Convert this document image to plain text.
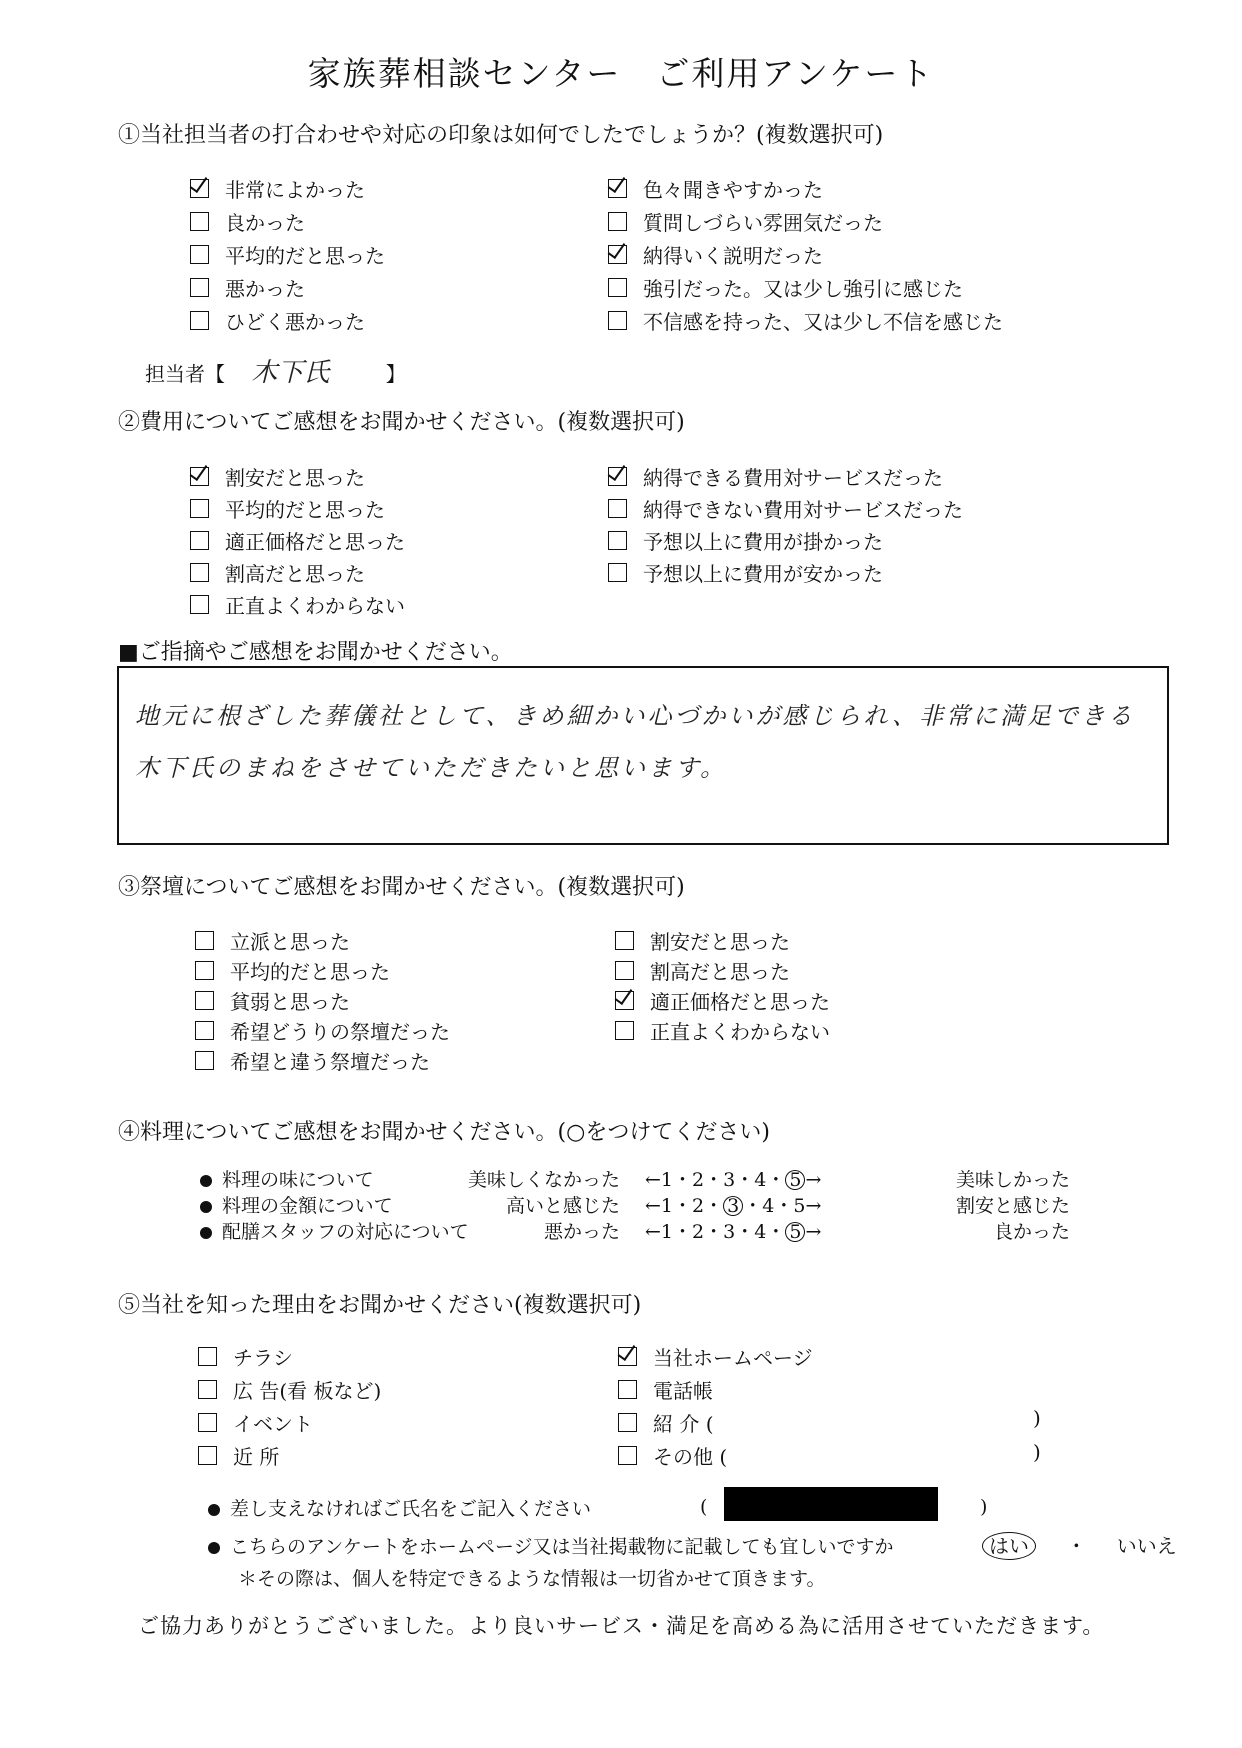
家族葬相談センター　ご利用アンケート
①当社担当者の打合わせや対応の印象は如何でしたでしょうか？(複数選択可)
非常によかった
良かった
平均的だと思った
悪かった
ひどく悪かった
色々聞きやすかった
質問しづらい雰囲気だった
納得いく説明だった
強引だった。又は少し強引に感じた
不信感を持った、又は少し不信を感じた
担当者【 木下氏	】
②費用についてご感想をお聞かせください。(複数選択可)
割安だと思った
平均的だと思った
適正価格だと思った
割高だと思った
正直よくわからない
納得できる費用対サービスだった
納得できない費用対サービスだった
予想以上に費用が掛かった
予想以上に費用が安かった
■ご指摘やご感想をお聞かせください。
地元に根ざした葬儀社として、きめ細かい心づかいが感じられ、非常に満足できる木下氏のまねをさせていただきたいと思います。
③祭壇についてご感想をお聞かせください。(複数選択可)
立派と思った
平均的だと思った
貧弱と思った
希望どうりの祭壇だった
希望と違う祭壇だった
割安だと思った
割高だと思った
適正価格だと思った
正直よくわからない
④料理についてご感想をお聞かせください。(○をつけてください)
料理の味について	美味しくなかった ←1・2・3・4・ 5 →	美味しかった
料理の金額について	高いと感じた ←1・2・ 3 ・4・5→	割安と感じた
配膳スタッフの対応について	悪かった ←1・2・3・4・ 5 →	良かった
⑤当社を知った理由をお聞かせください(複数選択可)
チラシ
広 告(看 板など)
イベント
近 所
当社ホームページ
電話帳
紹 介 (
その他 (
)
)
差し支えなければご氏名をご記入ください	(	)
こちらのアンケートをホームページ又は当社掲載物に記載しても宜しいですか	はい ・ いいえ
＊その際は、個人を特定できるような情報は一切省かせて頂きます。
ご協力ありがとうございました。より良いサービス・満足を高める為に活用させていただきます。
